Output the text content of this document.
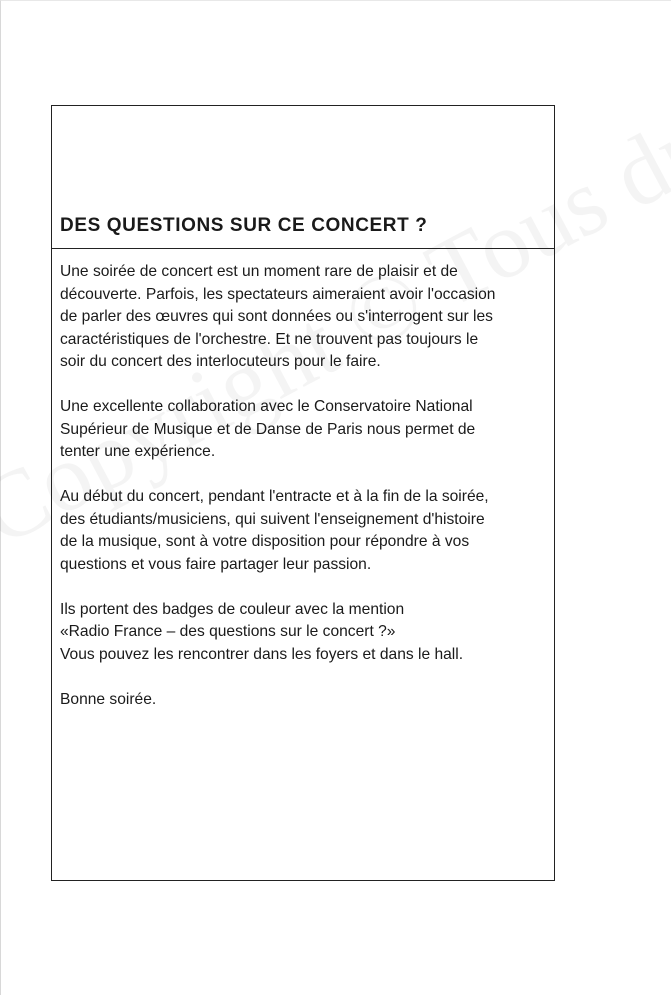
DES QUESTIONS SUR CE CONCERT ?

Une soirée de concert est un moment rare de plaisir et de
découverte. Parfois, les spectateurs aimeraient avoir l'occasion
de parler des œuvres qui sont données ou s'interrogent sur les
caractéristiques de l'orchestre. Et ne trouvent pas toujours le
soir du concert des interlocuteurs pour le faire.

Une excellente collaboration avec le Conservatoire National
Supérieur de Musique et de Danse de Paris nous permet de
tenter une expérience.

Au début du concert, pendant l'entracte et à la fin de la soirée,
des étudiants/musiciens, qui suivent l'enseignement d'histoire
de la musique, sont à votre disposition pour répondre à vos
questions et vous faire partager leur passion.

Ils portent des badges de couleur avec la mention
«Radio France – des questions sur le concert ?»
Vous pouvez les rencontrer dans les foyers et dans le hall.

Bonne soirée.
